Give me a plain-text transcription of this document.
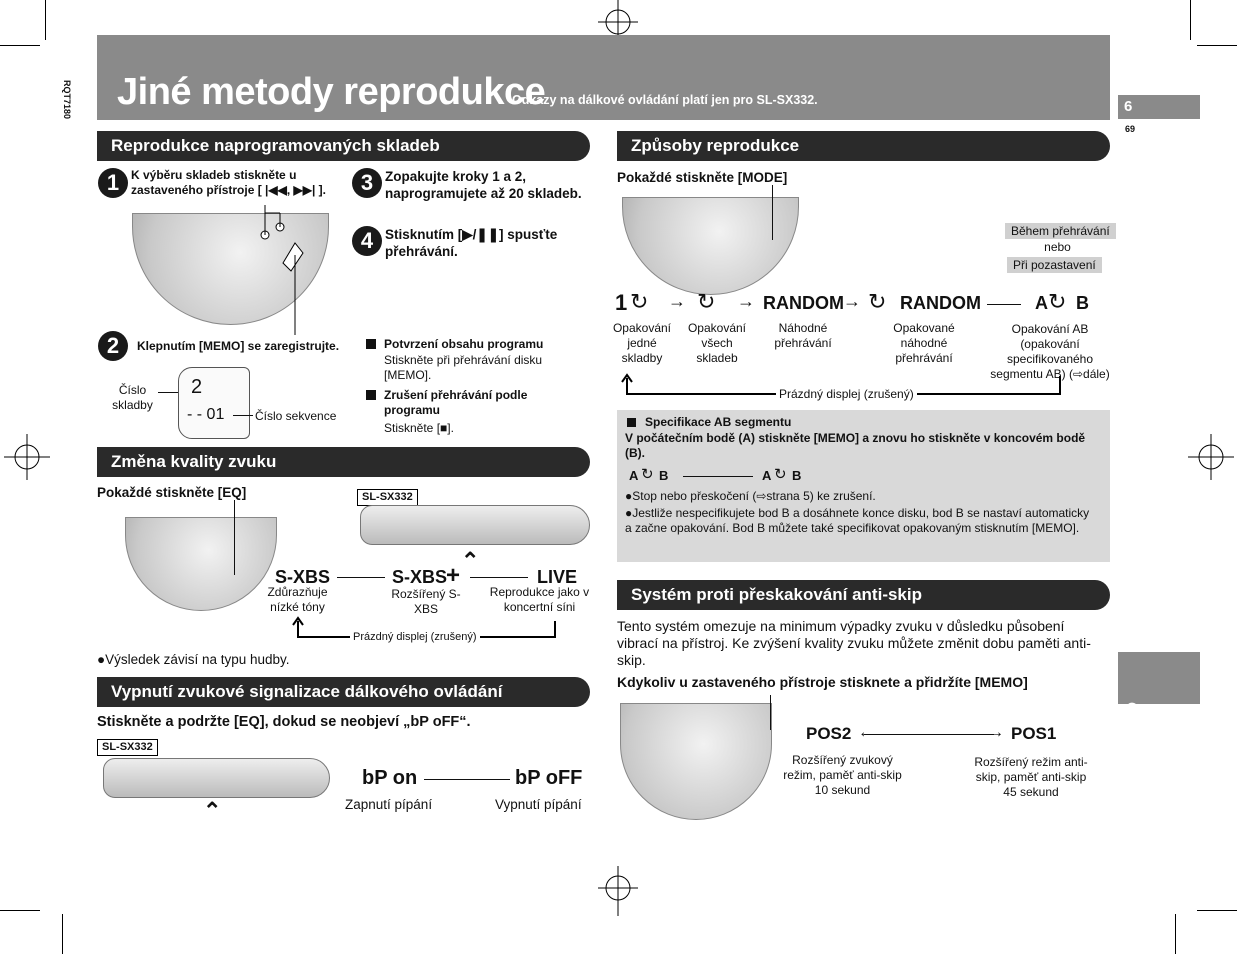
Jiné metody reprodukce
Odkazy na dálkové ovládání platí jen pro SL-SX332.	6
69
RQT7180
Česky
Reprodukce naprogramovaných skladeb
1 K výběru skladeb stiskněte u zastaveného přístroje [ |◀◀, ▶▶| ].	3 Zopakujte kroky 1 a 2, naprogramujete až 20 skladeb.
4 Stisknutím [▶/❚❚] spusťte přehrávání.
2	Klepnutím [MEMO] se zaregistrujte.
Číslo skladby
2
- - 01	Číslo sekvence
Potvrzení obsahu programu
Stiskněte při přehrávání disku [MEMO].
Zrušení přehrávání podle programu
Stiskněte [■].
Změna kvality zvuku
Pokaždé stiskněte [EQ]	SL-SX332
⌃
S-XBS	S-XBS
+	LIVE
Zdůrazňuje nízké tóny
Rozšířený S-XBS
Reprodukce jako v koncertní síni
Prázdný displej (zrušený)
●Výsledek závisí na typu hudby.
Vypnutí zvukové signalizace dálkového ovládání
Stiskněte a podržte [EQ], dokud se neobjeví „bP oFF“.
SL-SX332
⌃
bP on	bP oFF
Zapnutí pípání	Vypnutí pípání
Způsoby reprodukce
Pokaždé stiskněte [MODE]
Během přehrávání
nebo
Při pozastavení
1 ↻ → ↻ → RANDOM → ↻ RANDOM	A ↻ B
Opakování jedné skladby
Opakování všech skladeb
Náhodné přehrávání
Opakované náhodné přehrávání
Opakování AB (opakování specifikovaného segmentu AB) (⇨dále)
Prázdný displej (zrušený)
Specifikace AB segmentu
V počátečním bodě (A) stiskněte [MEMO] a znovu ho stiskněte v koncovém bodě (B).
A ↻ B	A ↻ B
●Stop nebo přeskočení (⇨strana 5) ke zrušení.
●Jestliže nespecifikujete bod B a dosáhnete konce disku, bod B se nastaví automaticky a začne opakování. Bod B můžete také specifikovat opakovaným stisknutím [MEMO].
Systém proti přeskakování anti-skip
Tento systém omezuje na minimum výpadky zvuku v důsledku působení vibrací na přístroj. Ke zvýšení kvality zvuku můžete změnit dobu paměti anti-skip.
Kdykoliv u zastaveného přístroje stisknete a přidržíte [MEMO]
POS2 ←	→ POS1
Rozšířený zvukový režim, paměť anti-skip 10 sekund
Rozšířený režim anti-skip, paměť anti-skip 45 sekund
